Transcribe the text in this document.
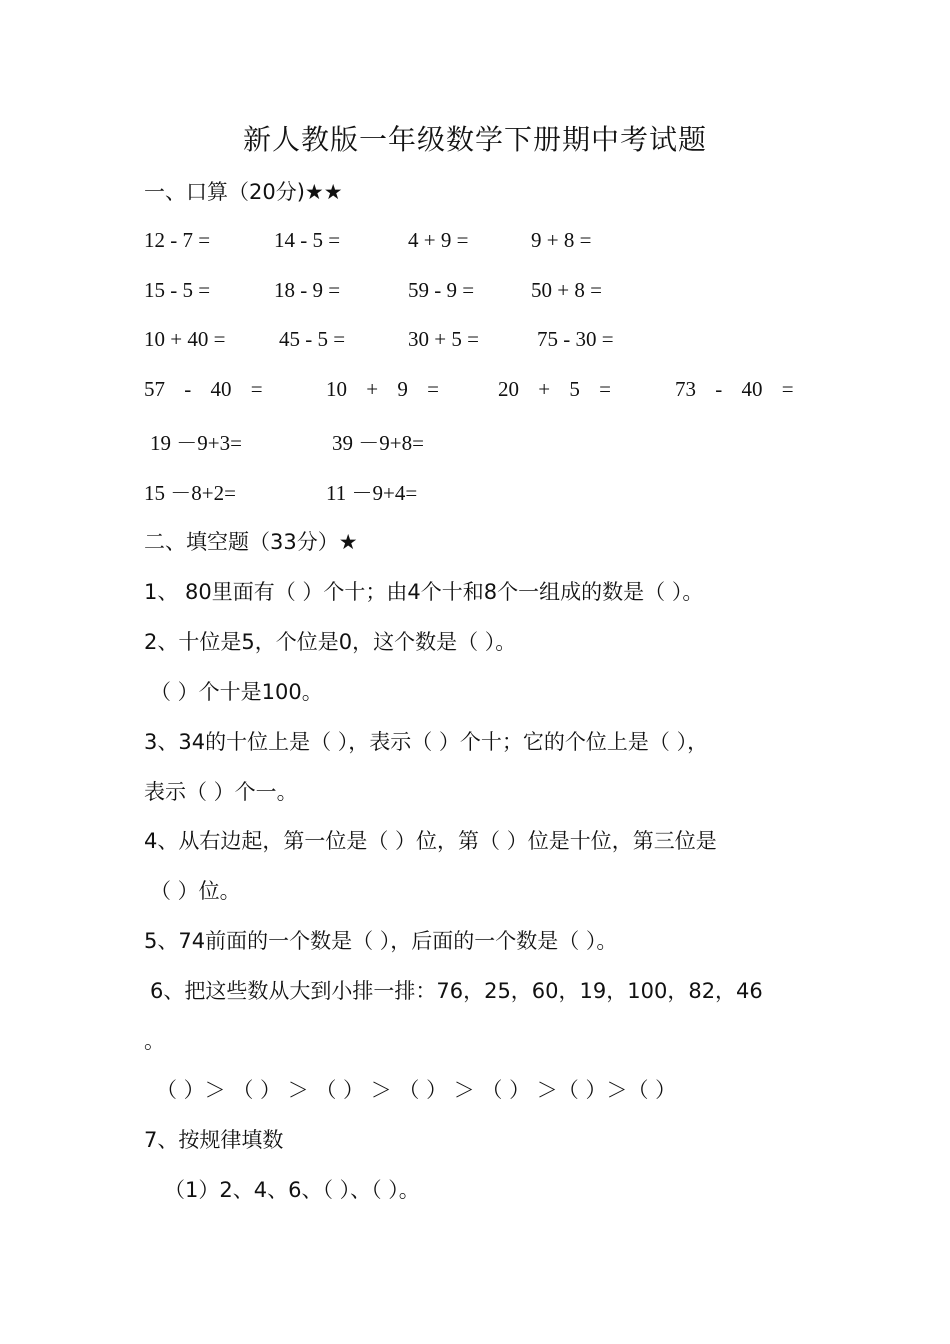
新人教版一年级数学下册期中考试题
一、口算（20分)★★
12 - 7 =	14 - 5 =	4 + 9 =	9 + 8 =
15 - 5 =	18 - 9 =	59 - 9 =	50 + 8 =
10 + 40 =	45 - 5 =	30 + 5 =	75 - 30 =
57 - 40 =	10 + 9 =	20 + 5 =	73 - 40 =
19 －9+3=	39 －9+8=
15 －8+2=	11 －9+4=
二、填空题（33分）★
1、 80里面有（ ）个十；由4个十和8个一组成的数是（ ）。
2、十位是5，个位是0，这个数是（ ）。
（ ）个十是100。
3、34的十位上是（ ），表示（ ）个十；它的个位上是（ ），
表示（ ）个一。
4、从右边起，第一位是（ ）位，第（ ）位是十位，第三位是
（ ）位。
5、74前面的一个数是（ ），后面的一个数是（ ）。
6、把这些数从大到小排一排：76，25，60，19，100，82，46
。
（ ）＞ （ ） ＞ （ ） ＞ （ ） ＞ （ ） ＞（ ）＞（ ）
7、按规律填数
（1）2、4、6、（ ）、（ ）。
